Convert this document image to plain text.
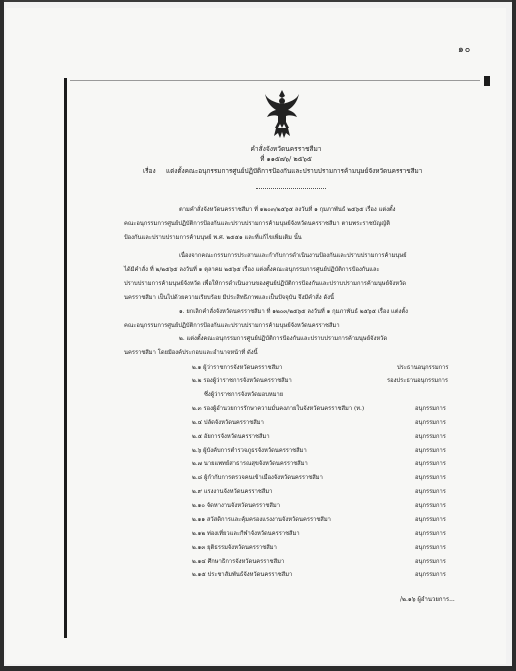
๑๐
คำสั่งจังหวัดนครราชสีมา
ที่ ๑๑๕๗๖/ ๒๕๖๕
เรื่อง แต่งตั้งคณะอนุกรรมการศูนย์ปฏิบัติการป้องกันและปราบปรามการค้ามนุษย์จังหวัดนครราชสีมา
ตามคำสั่งจังหวัดนครราชสีมา ที่ ๑๒๐๓/๒๕๖๕ ลงวันที่ ๑ กุมภาพันธ์ ๒๕๖๕ เรื่อง แต่งตั้ง
คณะอนุกรรมการศูนย์ปฏิบัติการป้องกันและปราบปรามการค้ามนุษย์จังหวัดนครราชสีมา ตามพระราชบัญญัติ
ป้องกันและปราบปรามการค้ามนุษย์ พ.ศ. ๒๕๕๑ และที่แก้ไขเพิ่มเติม นั้น
เนื่องจากคณะกรรมการประสานและกำกับการดำเนินงานป้องกันและปราบปรามการค้ามนุษย์
ได้มีคำสั่ง ที่ ๒/๒๕๖๕ ลงวันที่ ๑ ตุลาคม ๒๕๖๕ เรื่อง แต่งตั้งคณะอนุกรรมการศูนย์ปฏิบัติการป้องกันและ
ปราบปรามการค้ามนุษย์จังหวัด เพื่อให้การดำเนินงานของศูนย์ปฏิบัติการป้องกันและปราบปรามการค้ามนุษย์จังหวัด
นครราชสีมา เป็นไปด้วยความเรียบร้อย มีประสิทธิภาพและเป็นปัจจุบัน จึงมีคำสั่ง ดังนี้
๑. ยกเลิกคำสั่งจังหวัดนครราชสีมา ที่ ๑๒๐๓/๒๕๖๕ ลงวันที่ ๑ กุมภาพันธ์ ๒๕๖๕ เรื่อง แต่งตั้ง
คณะอนุกรรมการศูนย์ปฏิบัติการป้องกันและปราบปรามการค้ามนุษย์จังหวัดนครราชสีมา
๒. แต่งตั้งคณะอนุกรรมการศูนย์ปฏิบัติการป้องกันและปราบปรามการค้ามนุษย์จังหวัด
นครราชสีมา โดยมีองค์ประกอบและอำนาจหน้าที่ ดังนี้
๒.๑ ผู้ว่าราชการจังหวัดนครราชสีมา	ประธานอนุกรรมการ
๒.๒ รองผู้ว่าราชการจังหวัดนครราชสีมา	รองประธานอนุกรรมการ
ซึ่งผู้ว่าราชการจังหวัดมอบหมาย
๒.๓ รองผู้อำนวยการรักษาความมั่นคงภายในจังหวัดนครราชสีมา (ท.)	อนุกรรมการ
๒.๔ ปลัดจังหวัดนครราชสีมา	อนุกรรมการ
๒.๕ อัยการจังหวัดนครราชสีมา	อนุกรรมการ
๒.๖ ผู้บังคับการตำรวจภูธรจังหวัดนครราชสีมา	อนุกรรมการ
๒.๗ นายแพทย์สาธารณสุขจังหวัดนครราชสีมา	อนุกรรมการ
๒.๘ ผู้กำกับการตรวจคนเข้าเมืองจังหวัดนครราชสีมา	อนุกรรมการ
๒.๙ แรงงานจังหวัดนครราชสีมา	อนุกรรมการ
๒.๑๐ จัดหางานจังหวัดนครราชสีมา	อนุกรรมการ
๒.๑๑ สวัสดิการและคุ้มครองแรงงานจังหวัดนครราชสีมา	อนุกรรมการ
๒.๑๒ ท่องเที่ยวและกีฬาจังหวัดนครราชสีมา	อนุกรรมการ
๒.๑๓ ยุติธรรมจังหวัดนครราชสีมา	อนุกรรมการ
๒.๑๔ ศึกษาธิการจังหวัดนครราชสีมา	อนุกรรมการ
๒.๑๕ ประชาสัมพันธ์จังหวัดนครราชสีมา	อนุกรรมการ
/๒.๑๖ ผู้อำนวยการ...
